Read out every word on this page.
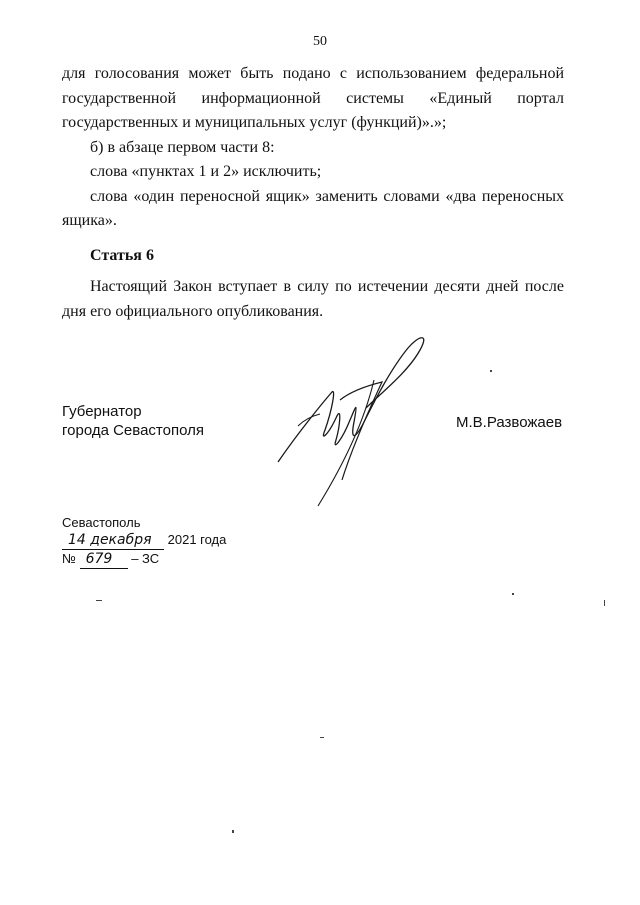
50

для голосования может быть подано с использованием федеральной государственной информационной системы «Единый портал государственных и муниципальных услуг (функций)».»;

б) в абзаце первом части 8:

слова «пунктах 1 и 2» исключить;

слова «один переносной ящик» заменить словами «два переносных ящика».

Статья 6

Настоящий Закон вступает в силу по истечении десяти дней после дня его официального опубликования.

Губернатор
города Севастополя	М.В.Развожаев
Севастополь
14 декабря 2021 года
№ 679 – ЗС
